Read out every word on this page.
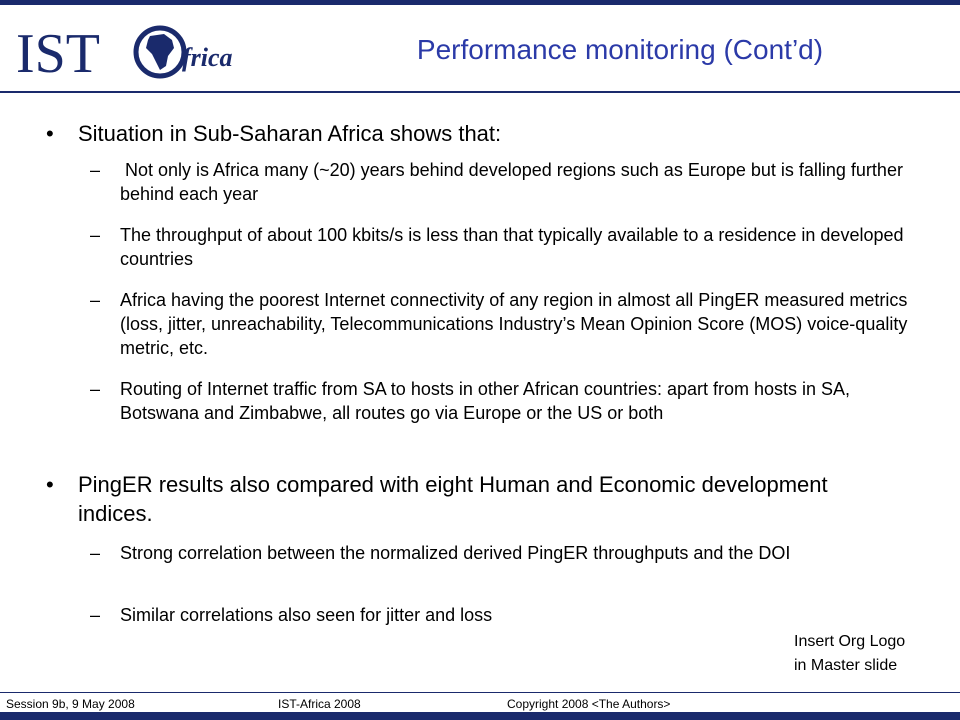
IST	frica	Performance monitoring (Cont’d)
• Situation in Sub-Saharan Africa shows that:
– Not only is Africa many (~20) years behind developed regions such as Europe but is falling further behind each year
– The throughput of about 100 kbits/s is less than that typically available to a residence in developed countries
– Africa having the poorest Internet connectivity of any region in almost all PingER measured metrics (loss, jitter, unreachability, Telecommunications Industry’s Mean Opinion Score (MOS) voice-quality metric, etc.
– Routing of Internet traffic from SA to hosts in other African countries: apart from hosts in SA, Botswana and Zimbabwe, all routes go via Europe or the US or both
• PingER results also compared with eight Human and Economic development indices.
– Strong correlation between the normalized derived PingER throughputs and the DOI
– Similar correlations also seen for jitter and loss
Insert Org Logo
in Master slide
Session 9b, 9 May 2008	IST-Africa 2008	Copyright 2008 <The Authors>
